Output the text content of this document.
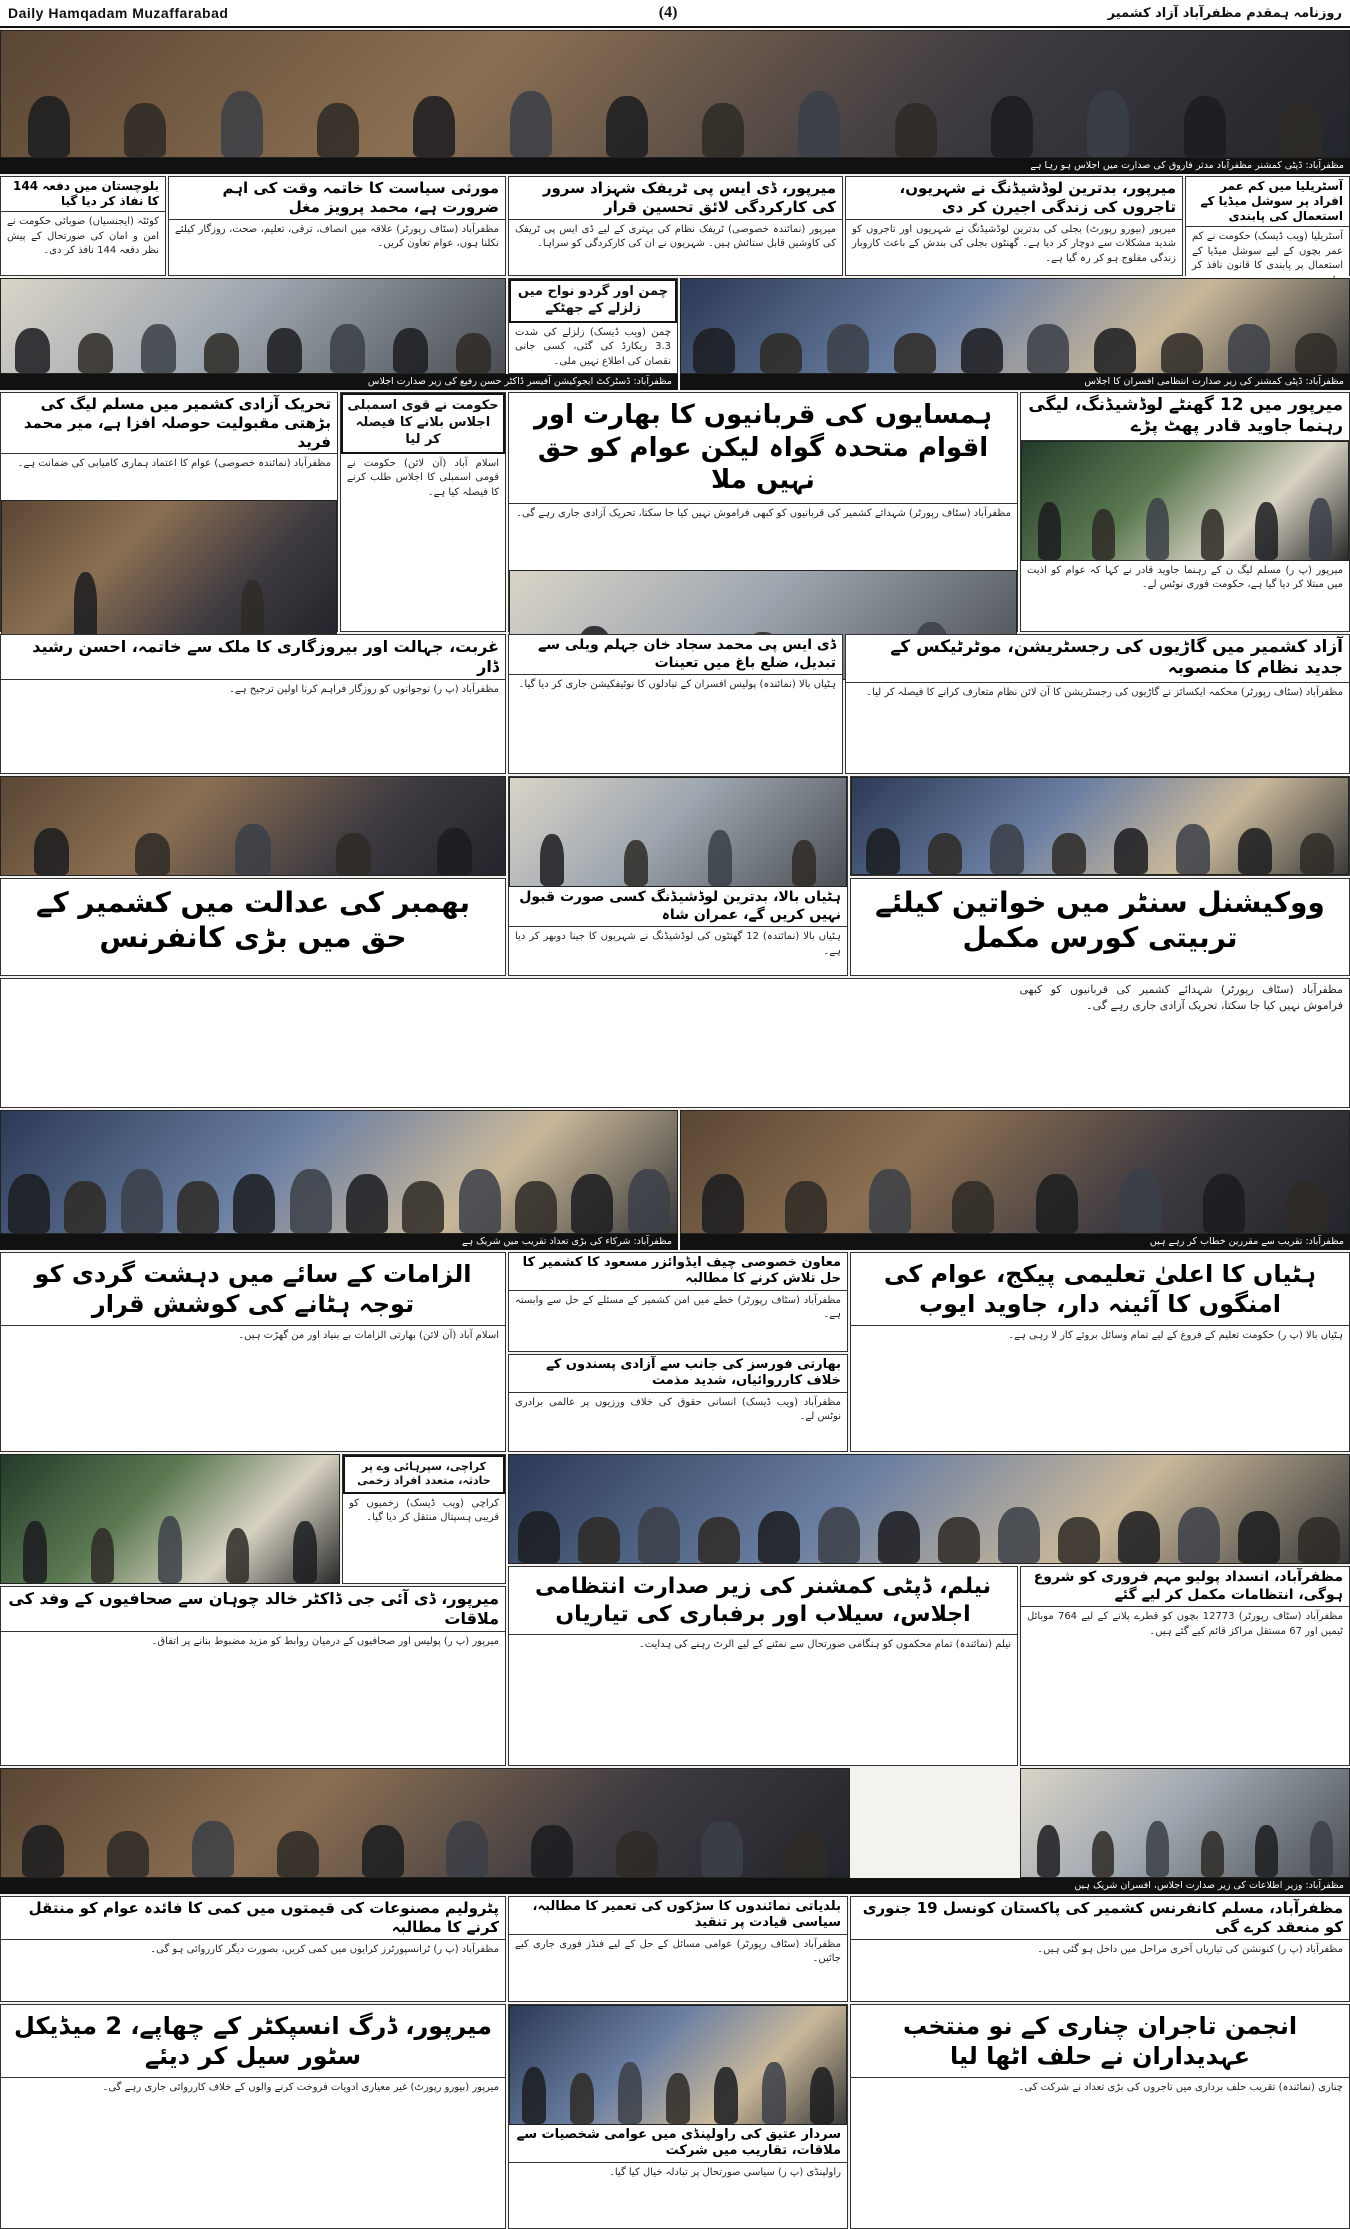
Daily Hamqadam Muzaffarabad	(4)	روزنامہ ہمقدم مظفرآباد آزاد کشمیر
مظفرآباد: ڈپٹی کمشنر مظفرآباد مدثر فاروق کی صدارت میں اجلاس ہو رہا ہے
آسٹریلیا میں کم عمر افراد پر سوشل میڈیا کے استعمال کی پابندی
آسٹریلیا (ویب ڈیسک) حکومت نے کم عمر بچوں کے لیے سوشل میڈیا کے استعمال پر پابندی کا قانون نافذ کر
میرپور، بدترین لوڈشیڈنگ نے شہریوں، تاجروں کی زندگی اجیرن کر دی
میرپور (بیورو رپورٹ) بجلی کی بدترین لوڈشیڈنگ نے شہریوں اور تاجروں کو شدید مشکلات سے دوچار کر دیا ہے۔ گھنٹوں بجلی کی بندش کے باعث کاروبار زندگی مفلوج ہو کر رہ گیا ہے۔
میرپور، ڈی ایس پی ٹریفک شہزاد سرور کی کارکردگی لائق تحسین قرار
میرپور (نمائندہ خصوصی) ٹریفک نظام کی بہتری کے لیے ڈی ایس پی ٹریفک کی کاوشیں قابل ستائش ہیں۔ شہریوں نے ان کی کارکردگی کو سراہا۔
مورثی سیاست کا خاتمہ وقت کی اہم ضرورت ہے، محمد پرویز مغل
مظفرآباد (سٹاف رپورٹر) علاقہ میں انصاف، ترقی، تعلیم، صحت، روزگار کیلئے نکلنا ہوں، عوام تعاون کریں۔
بلوچستان میں دفعہ 144 کا نفاذ کر دیا گیا
کوئٹہ (ایجنسیاں) صوبائی حکومت نے امن و امان کی صورتحال کے پیش نظر دفعہ 144 نافذ کر دی۔
چمن اور گردو نواح میں زلزلے کے جھٹکے
چمن (ویب ڈیسک) زلزلے کی شدت 3.3 ریکارڈ کی گئی، کسی جانی نقصان کی اطلاع نہیں ملی۔
مظفرآباد: ڈپٹی کمشنر کی زیر صدارت انتظامی افسران کا اجلاس
مظفرآباد: ڈسٹرکٹ ایجوکیشن آفیسر ڈاکٹر حسن رفیع کی زیر صدارت اجلاس
میرپور میں 12 گھنٹے لوڈشیڈنگ، لیگی رہنما جاوید قادر پھٹ پڑے
میرپور (پ ر) مسلم لیگ ن کے رہنما جاوید قادر نے کہا کہ عوام کو اذیت میں مبتلا کر دیا گیا ہے، حکومت فوری نوٹس لے۔
ہمسایوں کی قربانیوں کا بھارت اور اقوام متحدہ گواہ لیکن عوام کو حق نہیں ملا
مظفرآباد (سٹاف رپورٹر) شہدائے کشمیر کی قربانیوں کو کبھی فراموش نہیں کیا جا سکتا، تحریک آزادی جاری رہے گی۔
حکومت نے قوی اسمبلی اجلاس بلانے کا فیصلہ کر لیا
اسلام آباد (آن لائن) حکومت نے قومی اسمبلی کا اجلاس طلب کرنے کا فیصلہ کیا ہے۔
تحریک آزادی کشمیر میں مسلم لیگ کی بڑھتی مقبولیت حوصلہ افزا ہے، میر محمد فرید
مظفرآباد (نمائندہ خصوصی) عوام کا اعتماد ہماری کامیابی کی ضمانت ہے۔
آزاد کشمیر میں گاڑیوں کی رجسٹریشن، موٹرٹیکس کے جدید نظام کا منصوبہ
مظفرآباد (سٹاف رپورٹر) محکمہ ایکسائز نے گاڑیوں کی رجسٹریشن کا آن لائن نظام متعارف کرانے کا فیصلہ کر لیا۔
ڈی ایس پی محمد سجاد خان جہلم ویلی سے تبدیل، ضلع باغ میں تعینات
ہٹیاں بالا (نمائندہ) پولیس افسران کے تبادلوں کا نوٹیفکیشن جاری کر دیا گیا۔
غربت، جہالت اور بیروزگاری کا ملک سے خاتمہ، احسن رشید ڈار
مظفرآباد (پ ر) نوجوانوں کو روزگار فراہم کرنا اولین ترجیح ہے۔
ہٹیاں بالا، بدترین لوڈشیڈنگ کسی صورت قبول نہیں کریں گے، عمران شاہ
ہٹیاں بالا (نمائندہ) 12 گھنٹوں کی لوڈشیڈنگ نے شہریوں کا جینا دوبھر کر دیا ہے۔
ووکیشنل سنٹر میں خواتین کیلئے تربیتی کورس مکمل
بھمبر کی عدالت میں کشمیر کے حق میں بڑی کانفرنس
مظفرآباد (سٹاف رپورٹر) شہدائے کشمیر کی قربانیوں کو کبھی فراموش نہیں کیا جا سکتا، تحریک آزادی جاری رہے گی۔
مظفرآباد: تقریب سے مقررین خطاب کر رہے ہیں
مظفرآباد: شرکاء کی بڑی تعداد تقریب میں شریک ہے
ہٹیاں کا اعلیٰ تعلیمی پیکج، عوام کی امنگوں کا آئینہ دار، جاوید ایوب
ہٹیاں بالا (پ ر) حکومت تعلیم کے فروغ کے لیے تمام وسائل بروئے کار لا رہی ہے۔
معاون خصوصی چیف ایڈوائزر مسعود کا کشمیر کا حل تلاش کرنے کا مطالبہ
مظفرآباد (سٹاف رپورٹر) خطے میں امن کشمیر کے مسئلے کے حل سے وابستہ ہے۔
بھارتی فورسز کی جانب سے آزادی پسندوں کے خلاف کارروائیاں، شدید مذمت
مظفرآباد (ویب ڈیسک) انسانی حقوق کی خلاف ورزیوں پر عالمی برادری نوٹس لے۔
الزامات کے سائے میں دہشت گردی کو توجہ ہٹانے کی کوشش قرار
اسلام آباد (آن لائن) بھارتی الزامات بے بنیاد اور من گھڑت ہیں۔
کراچی، سپرہائی وے پر حادثہ، متعدد افراد زخمی
کراچی (ویب ڈیسک) زخمیوں کو قریبی ہسپتال منتقل کر دیا گیا۔
مظفرآباد، انسداد پولیو مہم فروری کو شروع ہوگی، انتظامات مکمل کر لیے گئے
مظفرآباد (سٹاف رپورٹر) 12773 بچوں کو قطرے پلانے کے لیے 764 موبائل ٹیمیں اور 67 مستقل مراکز قائم کیے گئے ہیں۔
نیلم، ڈپٹی کمشنر کی زیر صدارت انتظامی اجلاس، سیلاب اور برفباری کی تیاریاں
نیلم (نمائندہ) تمام محکموں کو ہنگامی صورتحال سے نمٹنے کے لیے الرٹ رہنے کی ہدایت۔
میرپور، ڈی آئی جی ڈاکٹر خالد چوہان سے صحافیوں کے وفد کی ملاقات
میرپور (پ ر) پولیس اور صحافیوں کے درمیان روابط کو مزید مضبوط بنانے پر اتفاق۔
مظفرآباد: وزیر اطلاعات کی زیر صدارت اجلاس، افسران شریک ہیں
مظفرآباد، مسلم کانفرنس کشمیر کی پاکستان کونسل 19 جنوری کو منعقد کرے گی
مظفرآباد (پ ر) کنونشن کی تیاریاں آخری مراحل میں داخل ہو گئی ہیں۔
بلدیاتی نمائندوں کا سڑکوں کی تعمیر کا مطالبہ، سیاسی قیادت پر تنقید
مظفرآباد (سٹاف رپورٹر) عوامی مسائل کے حل کے لیے فنڈز فوری جاری کیے جائیں۔
پٹرولیم مصنوعات کی قیمتوں میں کمی کا فائدہ عوام کو منتقل کرنے کا مطالبہ
مظفرآباد (پ ر) ٹرانسپورٹرز کرایوں میں کمی کریں، بصورت دیگر کارروائی ہو گی۔
انجمن تاجران چناری کے نو منتخب عہدیداران نے حلف اٹھا لیا
چناری (نمائندہ) تقریب حلف برداری میں تاجروں کی بڑی تعداد نے شرکت کی۔
سردار عتیق کی راولپنڈی میں عوامی شخصیات سے ملاقات، تقاریب میں شرکت
راولپنڈی (پ ر) سیاسی صورتحال پر تبادلہ خیال کیا گیا۔
میرپور، ڈرگ انسپکٹر کے چھاپے، 2 میڈیکل سٹور سیل کر دیئے
میرپور (بیورو رپورٹ) غیر معیاری ادویات فروخت کرنے والوں کے خلاف کارروائی جاری رہے گی۔
